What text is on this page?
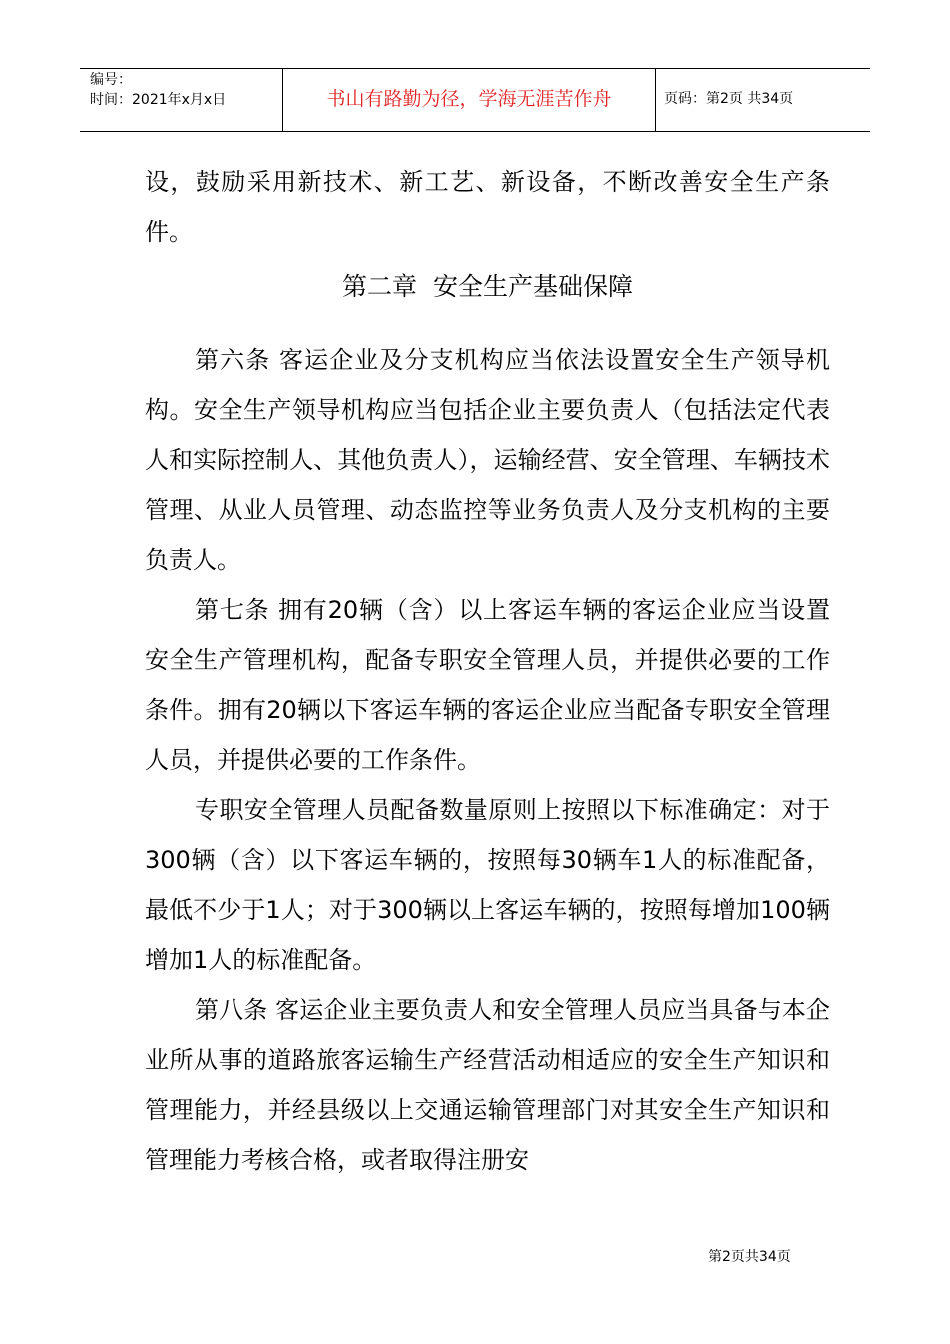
编号：
时间：2021年x月x日	书山有路勤为径，学海无涯苦作舟	页码：第2页 共34页

设，鼓励采用新技术、新工艺、新设备，不断改善安全生产条件。

第二章  安全生产基础保障

第六条 客运企业及分支机构应当依法设置安全生产领导机构。安全生产领导机构应当包括企业主要负责人（包括法定代表人和实际控制人、其他负责人），运输经营、安全管理、车辆技术管理、从业人员管理、动态监控等业务负责人及分支机构的主要负责人。

第七条 拥有20辆（含）以上客运车辆的客运企业应当设置安全生产管理机构，配备专职安全管理人员，并提供必要的工作条件。拥有20辆以下客运车辆的客运企业应当配备专职安全管理人员，并提供必要的工作条件。

专职安全管理人员配备数量原则上按照以下标准确定：对于300辆（含）以下客运车辆的，按照每30辆车1人的标准配备，最低不少于1人；对于300辆以上客运车辆的，按照每增加100辆增加1人的标准配备。

第八条 客运企业主要负责人和安全管理人员应当具备与本企业所从事的道路旅客运输生产经营活动相适应的安全生产知识和管理能力，并经县级以上交通运输管理部门对其安全生产知识和管理能力考核合格，或者取得注册安

第2页共34页
